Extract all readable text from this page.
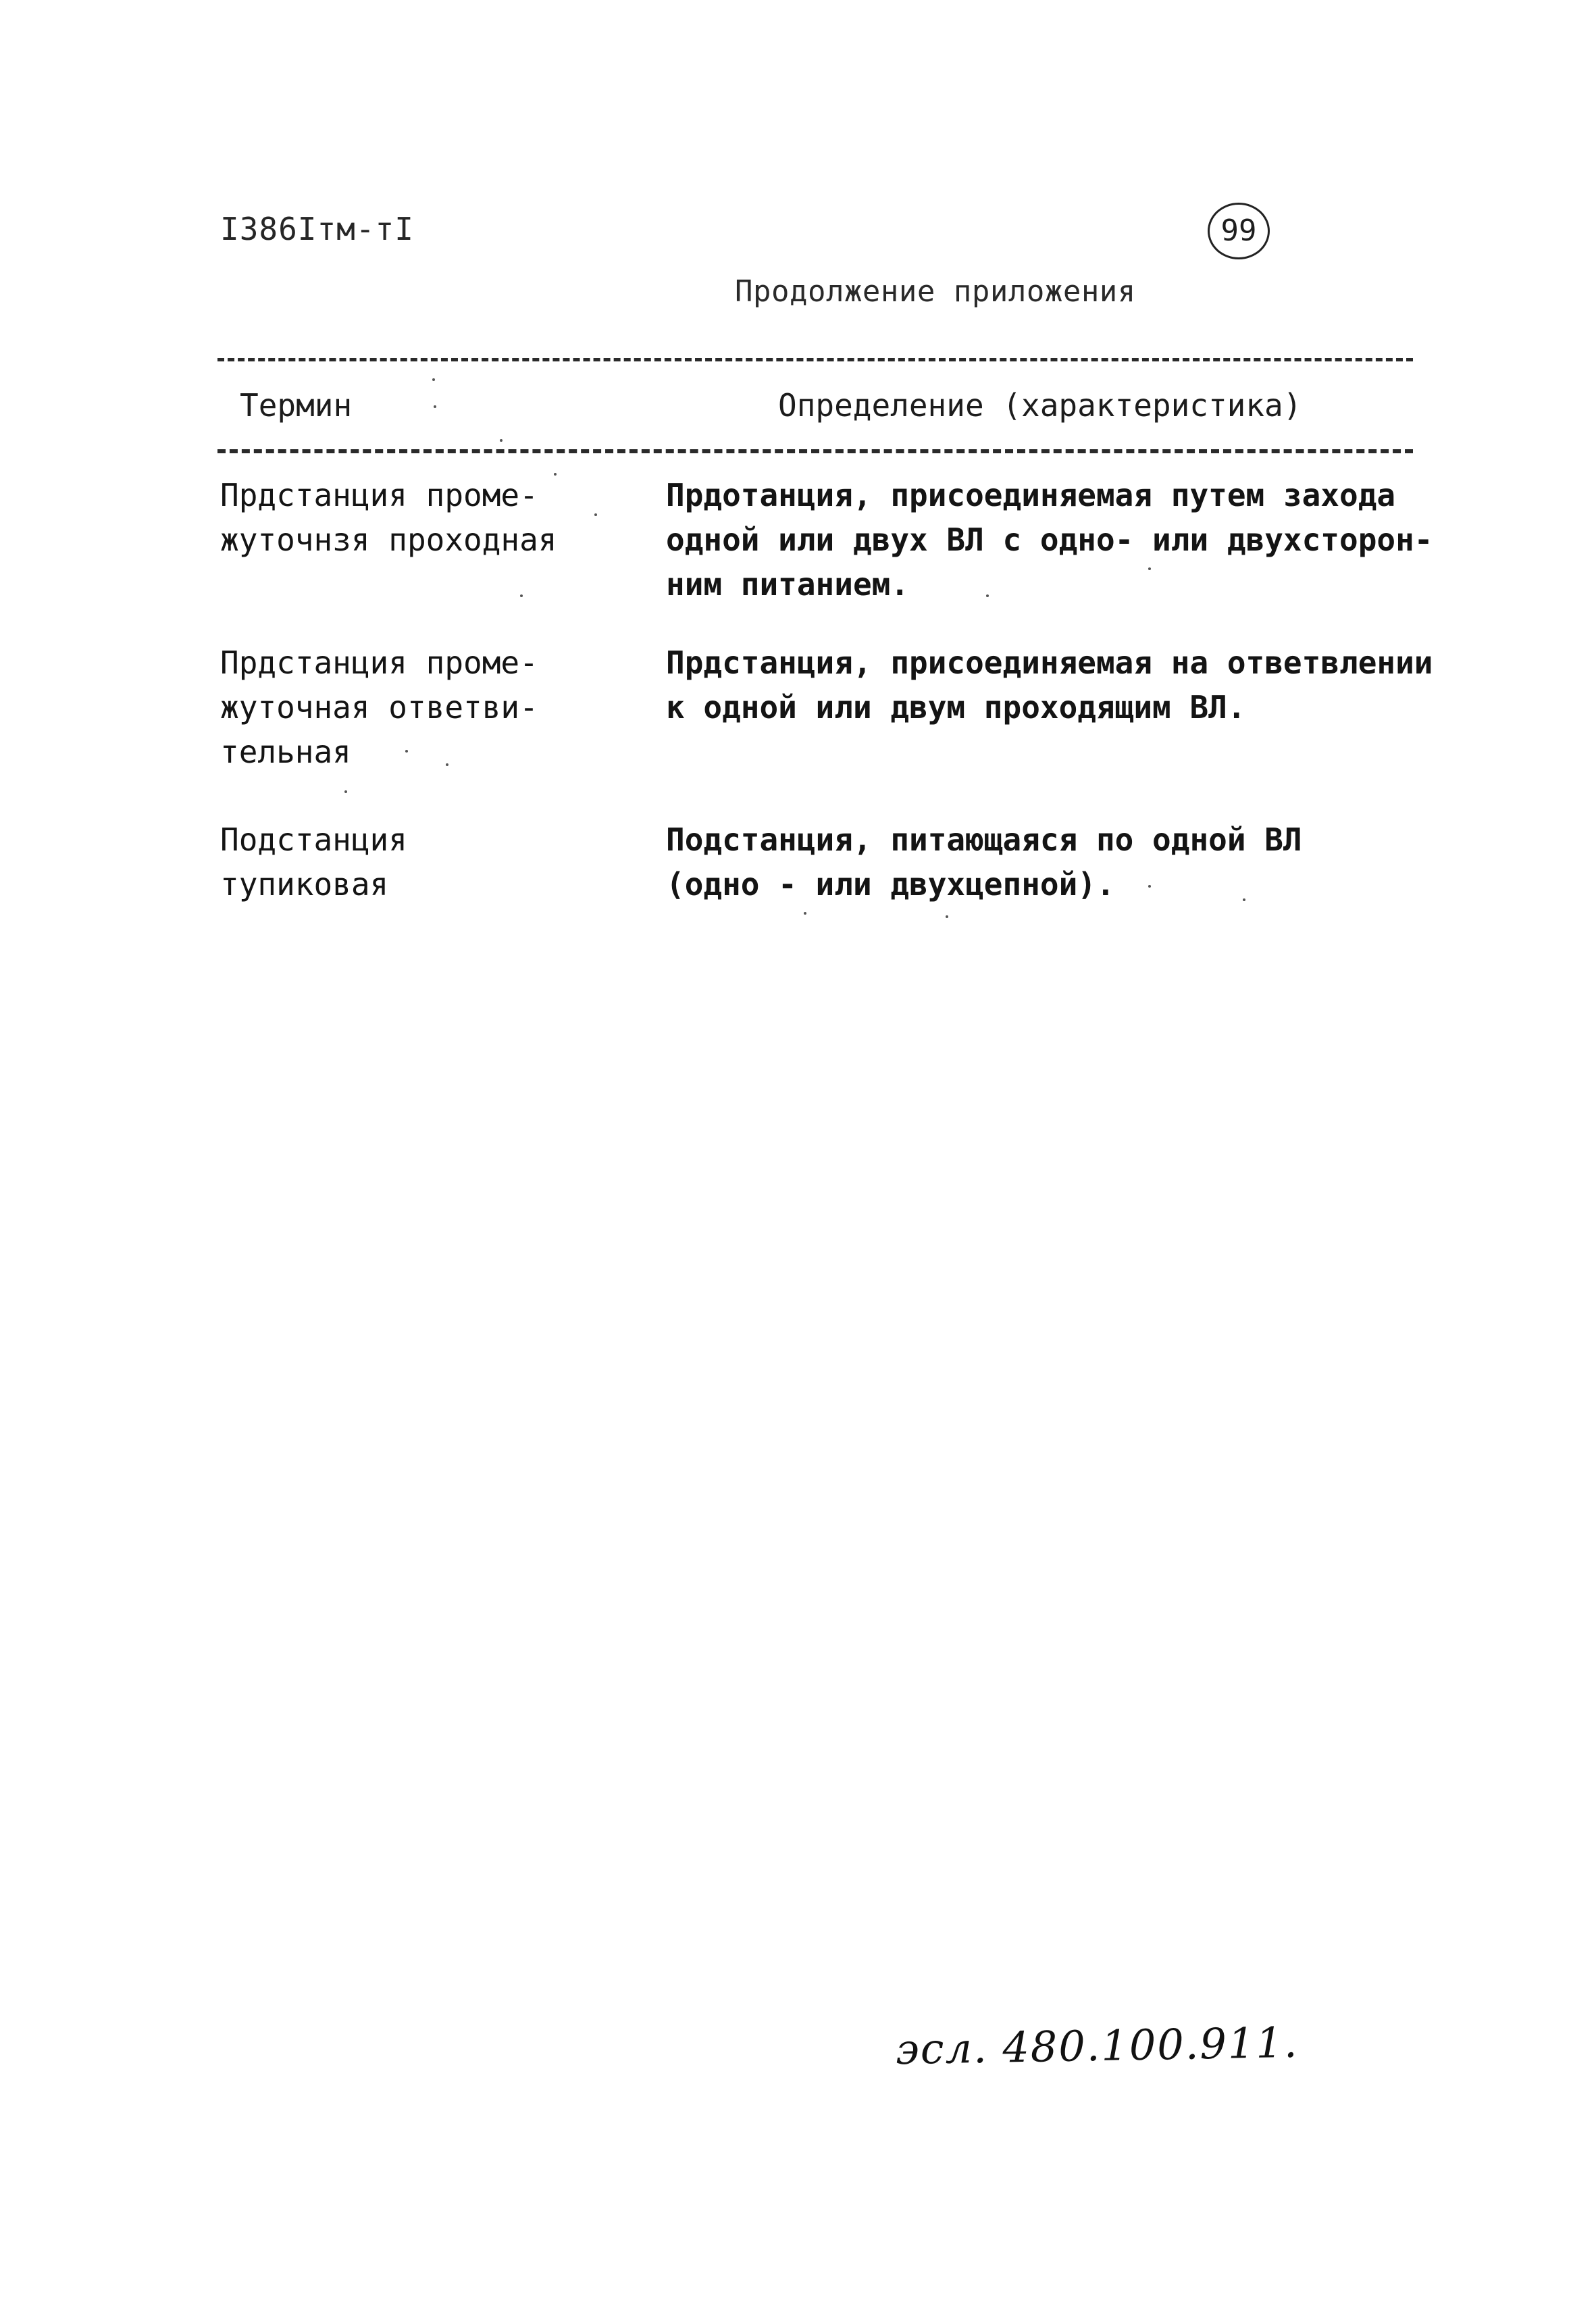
I386Iтм-тI	99
Продолжение приложения
Термин	Определение (характеристика)
Прдстанция проме-
жуточнзя проходная
Прдотанция, присоединяемая путем захода
одной или двух ВЛ с одно- или двухсторон-
ним питанием.
Прдстанция проме-
жуточная ответви-
тельная
Прдстанция, присоединяемая на ответвлении
к одной или двум проходящим ВЛ.
Подстанция
тупиковая
Подстанция, питающаяся по одной ВЛ
(одно - или двухцепной).
эсл. 480.100.911.
